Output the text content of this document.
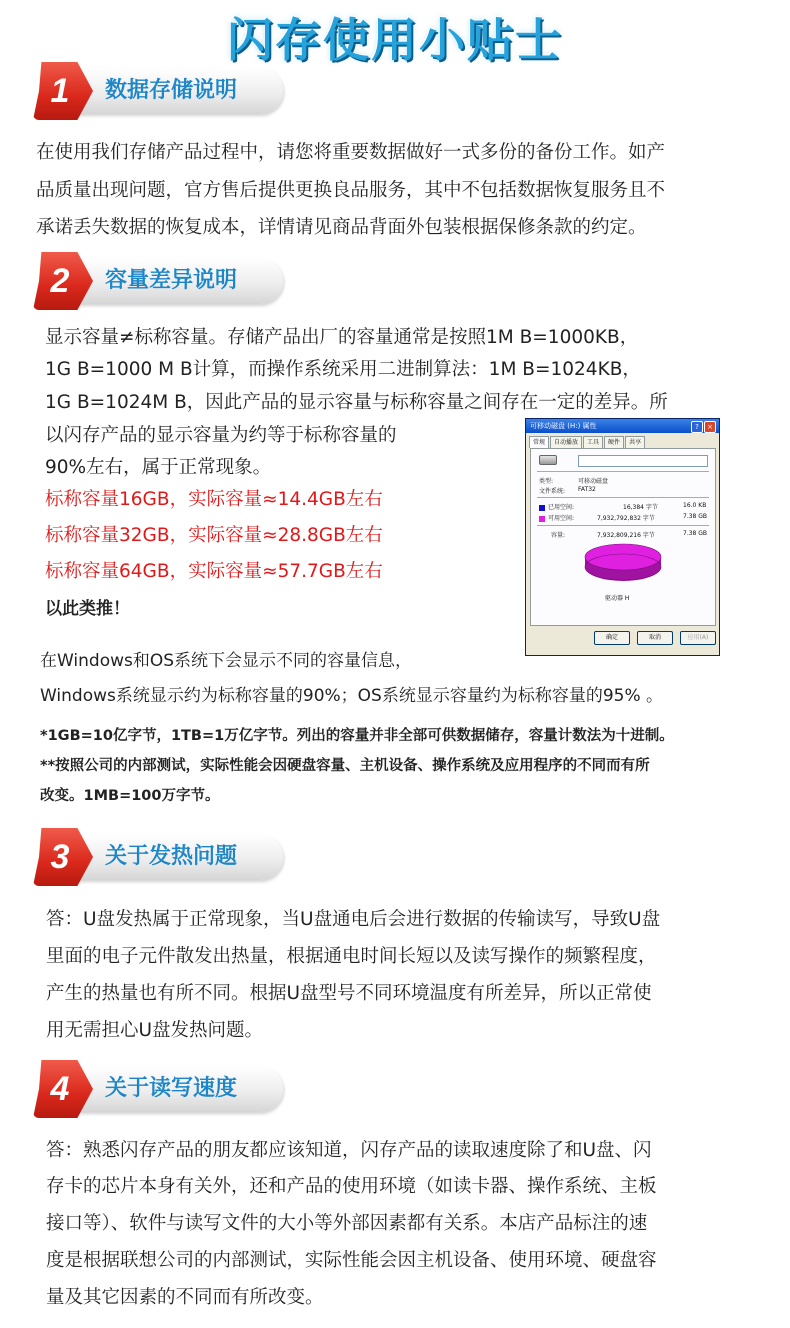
闪存使用小贴士
1	数据存储说明
在使用我们存储产品过程中，请您将重要数据做好一式多份的备份工作。如产
品质量出现问题，官方售后提供更换良品服务，其中不包括数据恢复服务且不
承诺丢失数据的恢复成本，详情请见商品背面外包装根据保修条款的约定。
2	容量差异说明
显示容量≠标称容量。存储产品出厂的容量通常是按照1M B=1000KB，
1G B=1000 M B计算，而操作系统采用二进制算法：1M B=1024KB，
1G B=1024M B，因此产品的显示容量与标称容量之间存在一定的差异。所
以闪存产品的显示容量为约等于标称容量的
90%左右，属于正常现象。
标称容量16GB，实际容量≈14.4GB左右
标称容量32GB，实际容量≈28.8GB左右
标称容量64GB，实际容量≈57.7GB左右
以此类推！
在Windows和OS系统下会显示不同的容量信息，
Windows系统显示约为标称容量的90%；OS系统显示容量约为标称容量的95% 。
*1GB=10亿字节，1TB=1万亿字节。列出的容量并非全部可供数据储存，容量计数法为十进制。
**按照公司的内部测试，实际性能会因硬盘容量、主机设备、操作系统及应用程序的不同而有所
改变。1MB=100万字节。
可移动磁盘 (H:) 属性	?	×
常规 自动播放 工具 硬件 共享
类型:	可移动磁盘
文件系统: FAT32
已用空间:	16,384 字节	16.0 KB
可用空间:	7,932,792,832 字节	7.38 GB
容量:	7,932,809,216 字节	7.38 GB
驱动器 H
确定	取消	应用(A)
3	关于发热问题
答：U盘发热属于正常现象，当U盘通电后会进行数据的传输读写，导致U盘
里面的电子元件散发出热量，根据通电时间长短以及读写操作的频繁程度，
产生的热量也有所不同。根据U盘型号不同环境温度有所差异，所以正常使
用无需担心U盘发热问题。
4	关于读写速度
答：熟悉闪存产品的朋友都应该知道，闪存产品的读取速度除了和U盘、闪
存卡的芯片本身有关外，还和产品的使用环境（如读卡器、操作系统、主板
接口等）、软件与读写文件的大小等外部因素都有关系。本店产品标注的速
度是根据联想公司的内部测试，实际性能会因主机设备、使用环境、硬盘容
量及其它因素的不同而有所改变。
